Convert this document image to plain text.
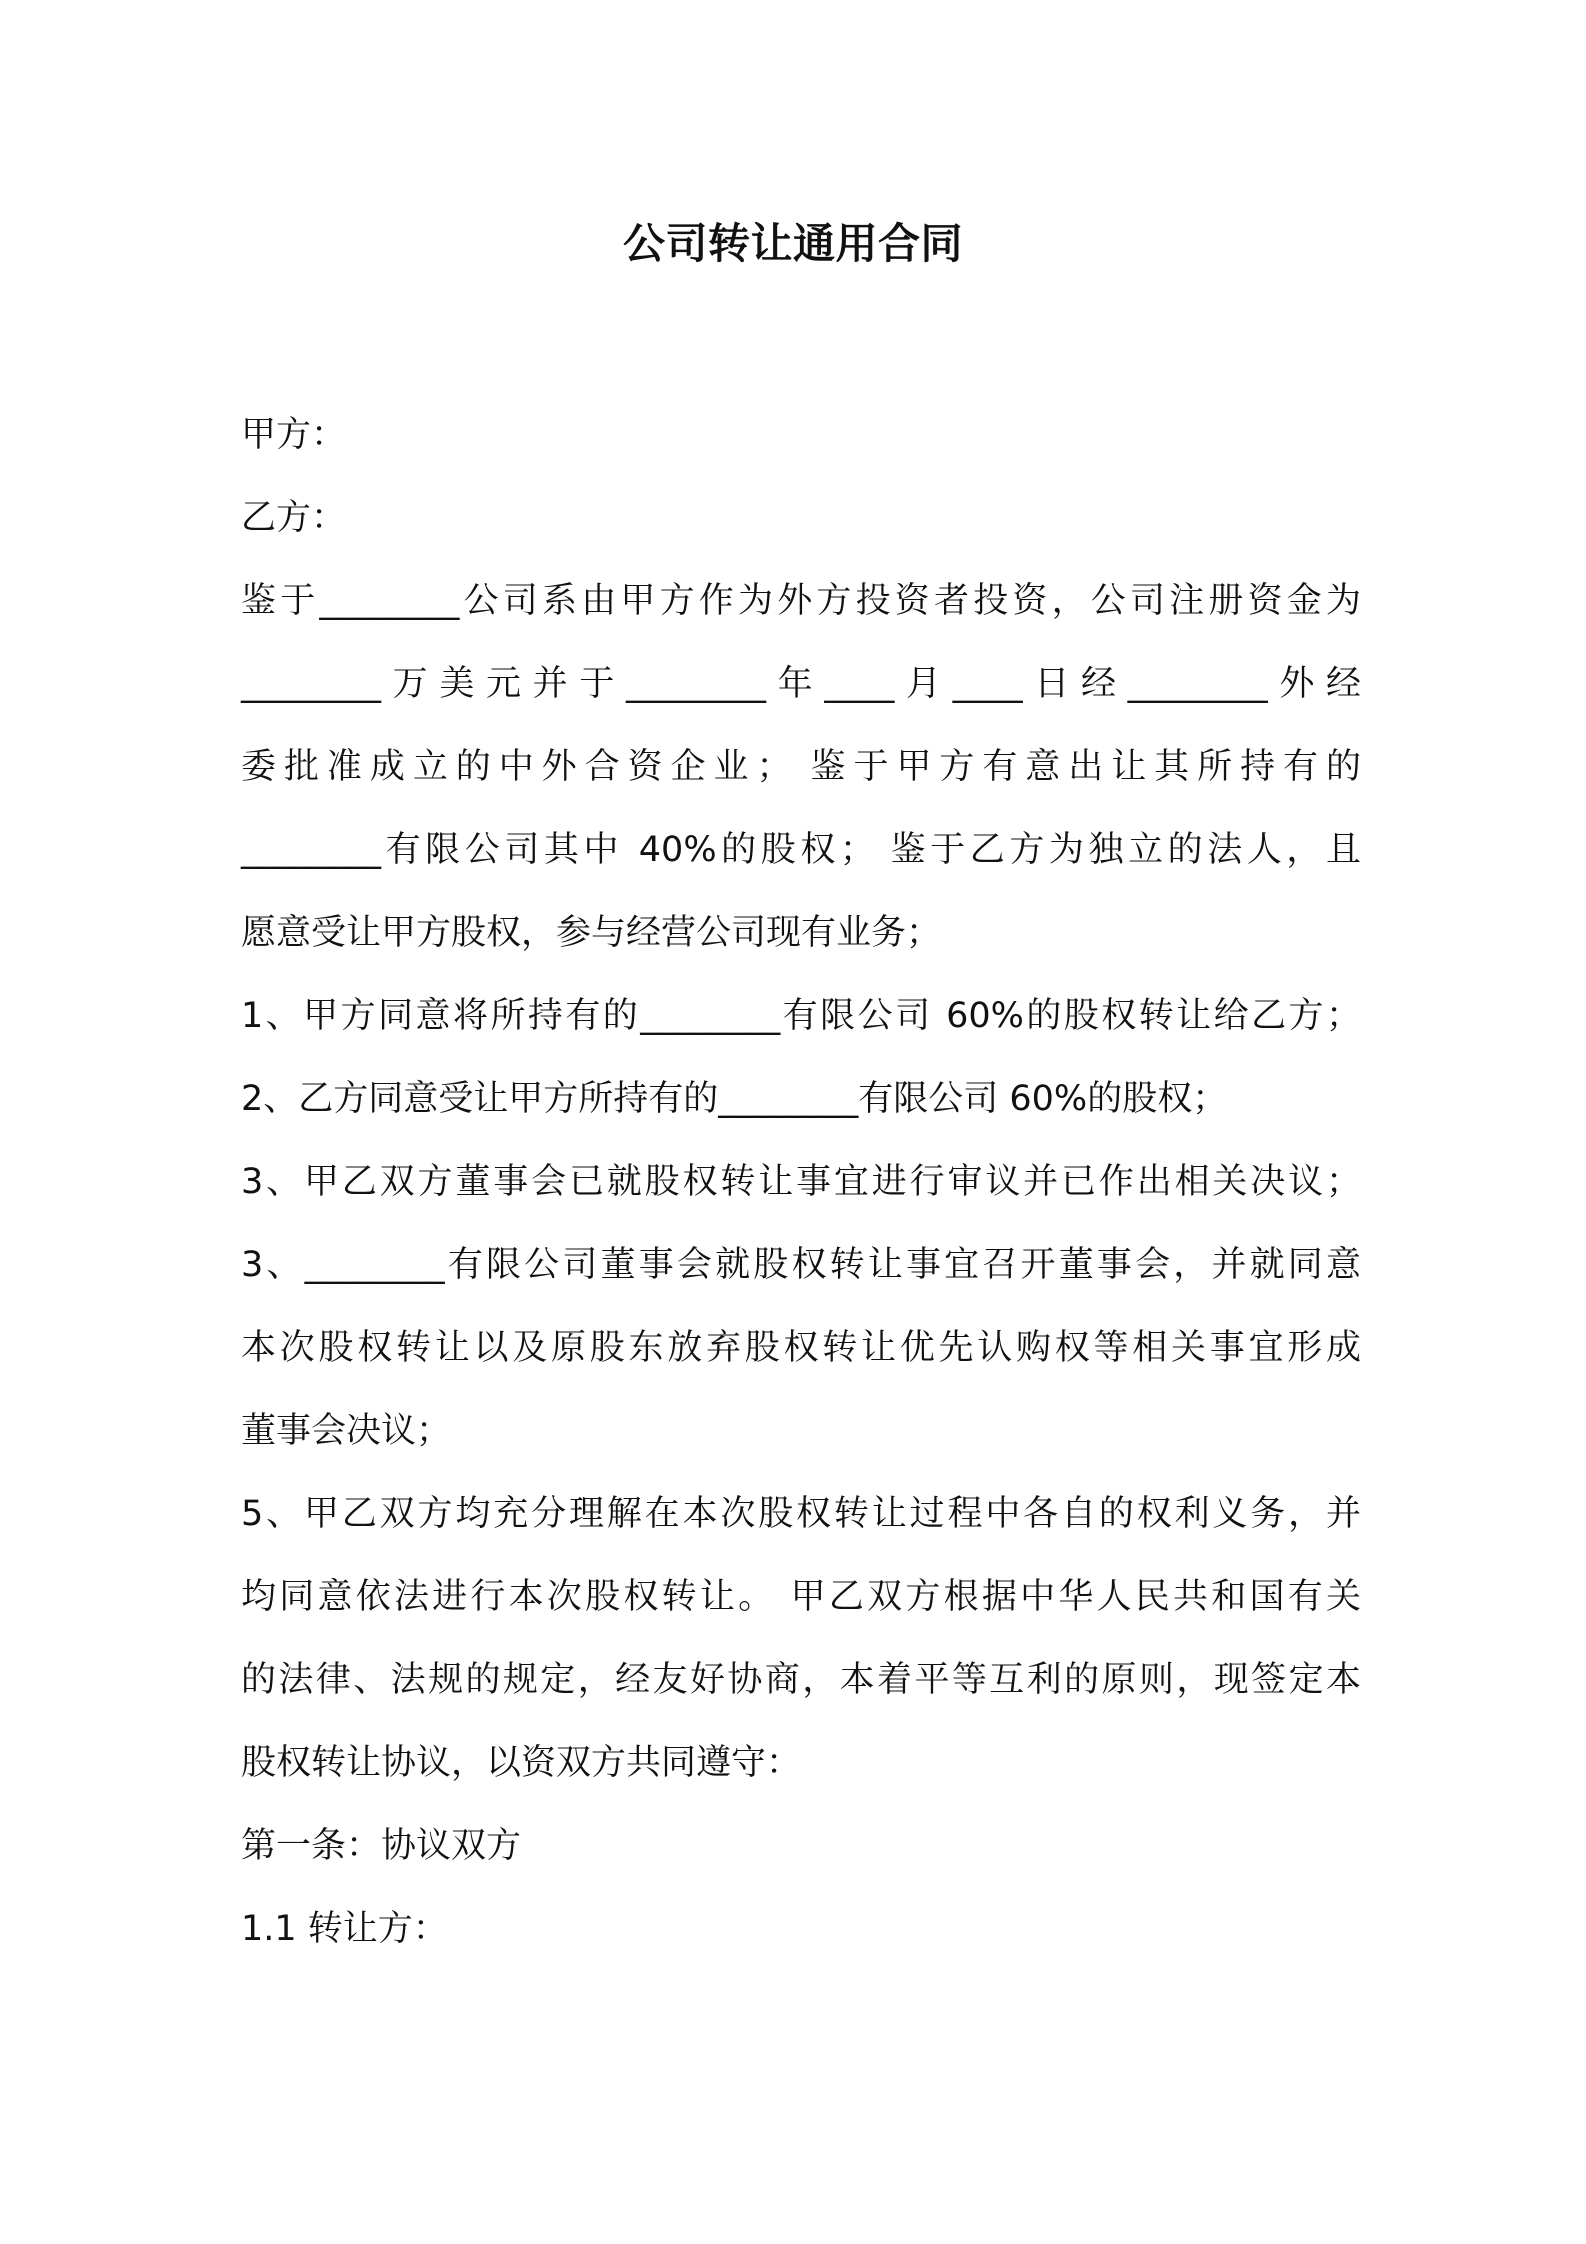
公司转让通用合同
甲方：
乙方：
鉴于________公司系由甲方作为外方投资者投资，公司注册资金为
________万美元并于________年____月____日经________外经
委批准成立的中外合资企业； 鉴于甲方有意出让其所持有的
________有限公司其中 40%的股权； 鉴于乙方为独立的法人，且
愿意受让甲方股权，参与经营公司现有业务；
1、甲方同意将所持有的________有限公司 60%的股权转让给乙方；
2、乙方同意受让甲方所持有的________有限公司 60%的股权；
3、甲乙双方董事会已就股权转让事宜进行审议并已作出相关决议；
3、________有限公司董事会就股权转让事宜召开董事会，并就同意
本次股权转让以及原股东放弃股权转让优先认购权等相关事宜形成
董事会决议；
5、甲乙双方均充分理解在本次股权转让过程中各自的权利义务，并
均同意依法进行本次股权转让。 甲乙双方根据中华人民共和国有关
的法律、法规的规定，经友好协商，本着平等互利的原则，现签定本
股权转让协议，以资双方共同遵守：
第一条：协议双方
1.1 转让方：
